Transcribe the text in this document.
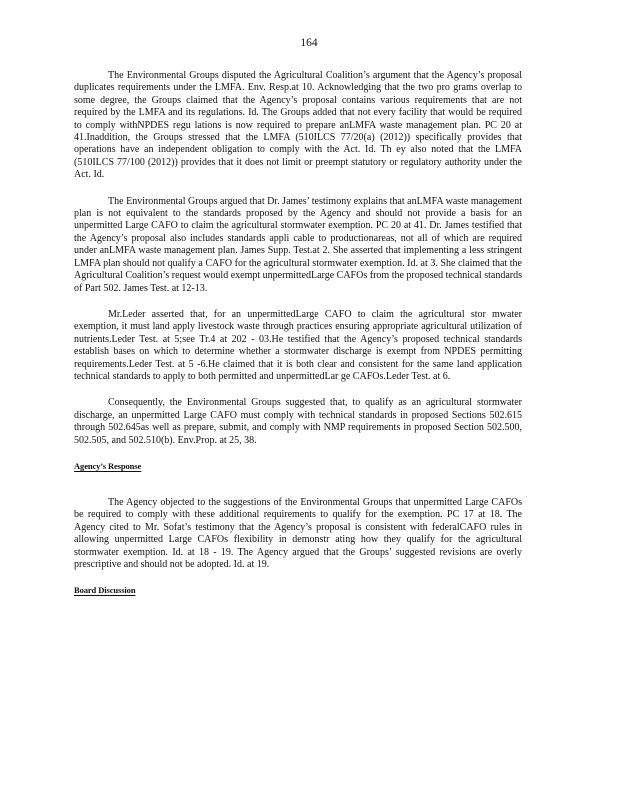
164

The Environmental Groups disputed the Agricultural Coalition’s argument that the Agency’s proposal duplicates requirements under the LMFA. Env. Resp.at 10. Acknowledging that the two pro grams overlap to some degree, the Groups claimed that the Agency’s proposal contains various requirements that are not required by the LMFA and its regulations. Id. The Groups added that not every facility that would be required to comply withNPDES regu lations is now required to prepare anLMFA waste management plan. PC 20 at 41.Inaddition, the Groups stressed that the LMFA (510ILCS 77/20(a) (2012)) specifically provides that operations have an independent obligation to comply with the Act. Id. Th ey also noted that the LMFA (510ILCS 77/100 (2012)) provides that it does not limit or preempt statutory or regulatory authority under the Act. Id.

The Environmental Groups argued that Dr. James’ testimony explains that anLMFA waste management plan is not equivalent to the standards proposed by the Agency and should not provide a basis for an unpermitted Large CAFO to claim the agricultural stormwater exemption. PC 20 at 41. Dr. James testified that the Agency’s proposal also includes standards appli cable to productionareas, not all of which are required under anLMFA waste management plan. James Supp. Test.at 2. She asserted that implementing a less stringent LMFA plan should not qualify a CAFO for the agricultural stormwater exemption. Id. at 3. She claimed that the Agricultural Coalition’s request would exempt unpermittedLarge CAFOs from the proposed technical standards of Part 502. James Test. at 12-13.

Mr.Leder asserted that, for an unpermittedLarge CAFO to claim the agricultural stor mwater exemption, it must land apply livestock waste through practices ensuring appropriate agricultural utilization of nutrients.Leder Test. at 5;see Tr.4 at 202 - 03.He testified that the Agency’s proposed technical standards establish bases on which to determine whether a stormwater discharge is exempt from NPDES permitting requirements.Leder Test. at 5 -6.He claimed that it is both clear and consistent for the same land application technical standards to apply to both permitted and unpermittedLar ge CAFOs.Leder Test. at 6.

Consequently, the Environmental Groups suggested that, to qualify as an agricultural stormwater discharge, an unpermitted Large CAFO must comply with technical standards in proposed Sections 502.615 through 502.645as well as prepare, submit, and comply with NMP requirements in proposed Section 502.500, 502.505, and 502.510(b). Env.Prop. at 25, 38.

Agency’s Response

The Agency objected to the suggestions of the Environmental Groups that unpermitted Large CAFOs be required to comply with these additional requirements to qualify for the exemption. PC 17 at 18. The Agency cited to Mr. Sofat’s testimony that the Agency’s proposal is consistent with federalCAFO rules in allowing unpermitted Large CAFOs flexibility in demonstr ating how they qualify for the agricultural stormwater exemption. Id. at 18 - 19. The Agency argued that the Groups’ suggested revisions are overly prescriptive and should not be adopted. Id. at 19.

Board Discussion
